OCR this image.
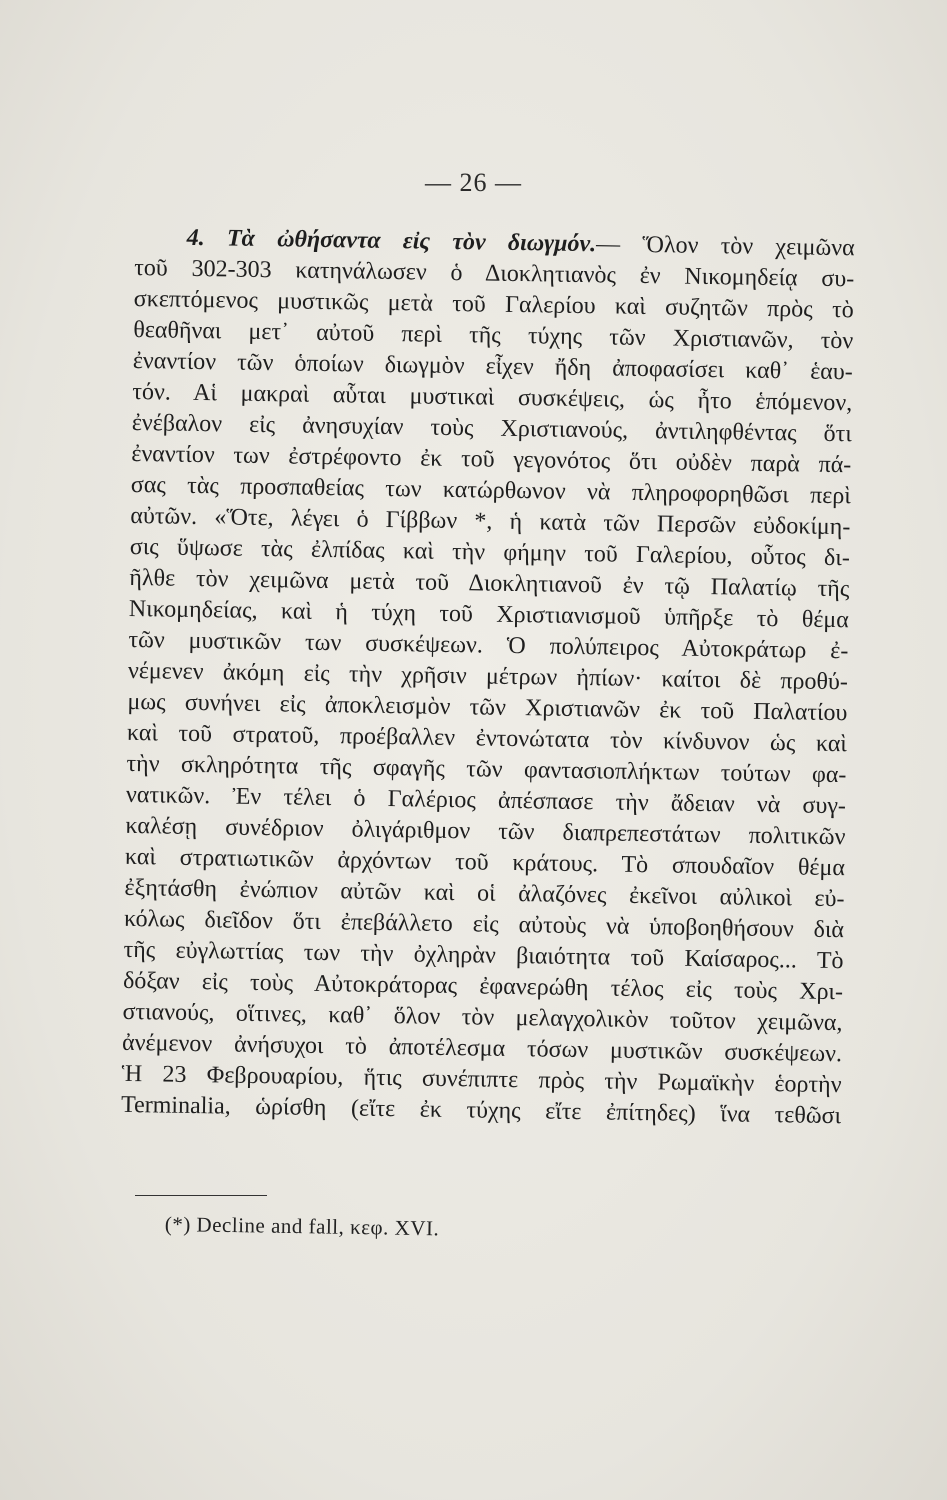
— 26 —
4. Τὰ ὠθήσαντα εἰς τὸν διωγμόν.— Ὅλον τὸν χειμῶνα
τοῦ 302-303 κατηνάλωσεν ὁ Διοκλητιανὸς ἐν Νικομηδείᾳ συ-
σκεπτόμενος μυστικῶς μετὰ τοῦ Γαλερίου καὶ συζητῶν πρὸς τὸ
θεαθῆναι μετ᾽ αὐτοῦ περὶ τῆς τύχης τῶν Χριστιανῶν, τὸν
ἐναντίον τῶν ὁποίων διωγμὸν εἶχεν ἤδη ἀποφασίσει καθ᾽ ἑαυ-
τόν. Αἱ μακραὶ αὗται μυστικαὶ συσκέψεις, ὡς ἦτο ἑπόμενον,
ἐνέβαλον εἰς ἀνησυχίαν τοὺς Χριστιανούς, ἀντιληφθέντας ὅτι
ἐναντίον των ἐστρέφοντο ἐκ τοῦ γεγονότος ὅτι οὐδὲν παρὰ πά-
σας τὰς προσπαθείας των κατώρθωνον νὰ πληροφορηθῶσι περὶ
αὐτῶν. «Ὅτε, λέγει ὁ Γίββων *, ἡ κατὰ τῶν Περσῶν εὐδοκίμη-
σις ὕψωσε τὰς ἐλπίδας καὶ τὴν φήμην τοῦ Γαλερίου, οὗτος δι-
ῆλθε τὸν χειμῶνα μετὰ τοῦ Διοκλητιανοῦ ἐν τῷ Παλατίῳ τῆς
Νικομηδείας, καὶ ἡ τύχη τοῦ Χριστιανισμοῦ ὑπῆρξε τὸ θέμα
τῶν μυστικῶν των συσκέψεων. Ὁ πολύπειρος Αὐτοκράτωρ ἐ-
νέμενεν ἀκόμη εἰς τὴν χρῆσιν μέτρων ἠπίων· καίτοι δὲ προθύ-
μως συνήνει εἰς ἀποκλεισμὸν τῶν Χριστιανῶν ἐκ τοῦ Παλατίου
καὶ τοῦ στρατοῦ, προέβαλλεν ἐντονώτατα τὸν κίνδυνον ὡς καὶ
τὴν σκληρότητα τῆς σφαγῆς τῶν φαντασιοπλήκτων τούτων φα-
νατικῶν. Ἐν τέλει ὁ Γαλέριος ἀπέσπασε τὴν ἄδειαν νὰ συγ-
καλέσῃ συνέδριον ὀλιγάριθμον τῶν διαπρεπεστάτων πολιτικῶν
καὶ στρατιωτικῶν ἀρχόντων τοῦ κράτους. Τὸ σπουδαῖον θέμα
ἐξητάσθη ἐνώπιον αὐτῶν καὶ οἱ ἀλαζόνες ἐκεῖνοι αὐλικοὶ εὐ-
κόλως διεῖδον ὅτι ἐπεβάλλετο εἰς αὐτοὺς νὰ ὑποβοηθήσουν διὰ
τῆς εὐγλωττίας των τὴν ὀχληρὰν βιαιότητα τοῦ Καίσαρος... Τὸ
δόξαν εἰς τοὺς Αὐτοκράτορας ἐφανερώθη τέλος εἰς τοὺς Χρι-
στιανούς, οἵτινες, καθ᾽ ὅλον τὸν μελαγχολικὸν τοῦτον χειμῶνα,
ἀνέμενον ἀνήσυχοι τὸ ἀποτέλεσμα τόσων μυστικῶν συσκέψεων.
Ἡ 23 Φεβρουαρίου, ἥτις συνέπιπτε πρὸς τὴν Ρωμαϊκὴν ἑορτὴν
Terminalia, ὡρίσθη (εἴτε ἐκ τύχης εἴτε ἐπίτηδες) ἵνα τεθῶσι
(*) Decline and fall, κεφ. XVI.
